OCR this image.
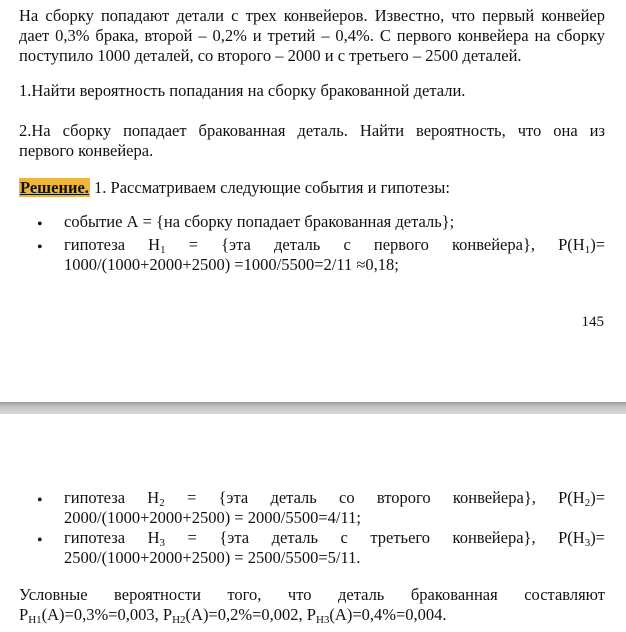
На сборку попадают детали с трех конвейеров. Известно, что первый конвейер
дает 0,3% брака, второй – 0,2% и третий – 0,4%. С первого конвейера на сборку
поступило 1000 деталей, со второго – 2000 и с третьего – 2500 деталей.

1.Найти вероятность попадания на сборку бракованной детали.

2.На сборку попадает бракованная деталь. Найти вероятность, что она из
первого конвейера.

Решение. 1. Рассматриваем следующие события и гипотезы:

• событие А = {на сборку попадает бракованная деталь};
• гипотеза $Н_1 = \{эта$ деталь с первого конвейера}, $Р(Н_1)=$
1000/(1000+2000+2500) =1000/5500=2/11 ≈0,18;
145
• гипотеза $Н_2 = \{эта$ деталь со второго конвейера}, $Р(Н_2)=$
2000/(1000+2000+2500) = 2000/5500=4/11;
• гипотеза $Н_3 = \{эта$ деталь с третьего конвейера}, $Р(Н_3)=$
2500/(1000+2000+2500) = 2500/5500=5/11.

Условные вероятности того, что деталь бракованная составляют
$Р_{Н1}(А)=0,3\%=0,003$, $Р_{Н2}(А)=0,2\%=0,002$, $Р_{Н3}(А)=0,4\%=0,004$.
